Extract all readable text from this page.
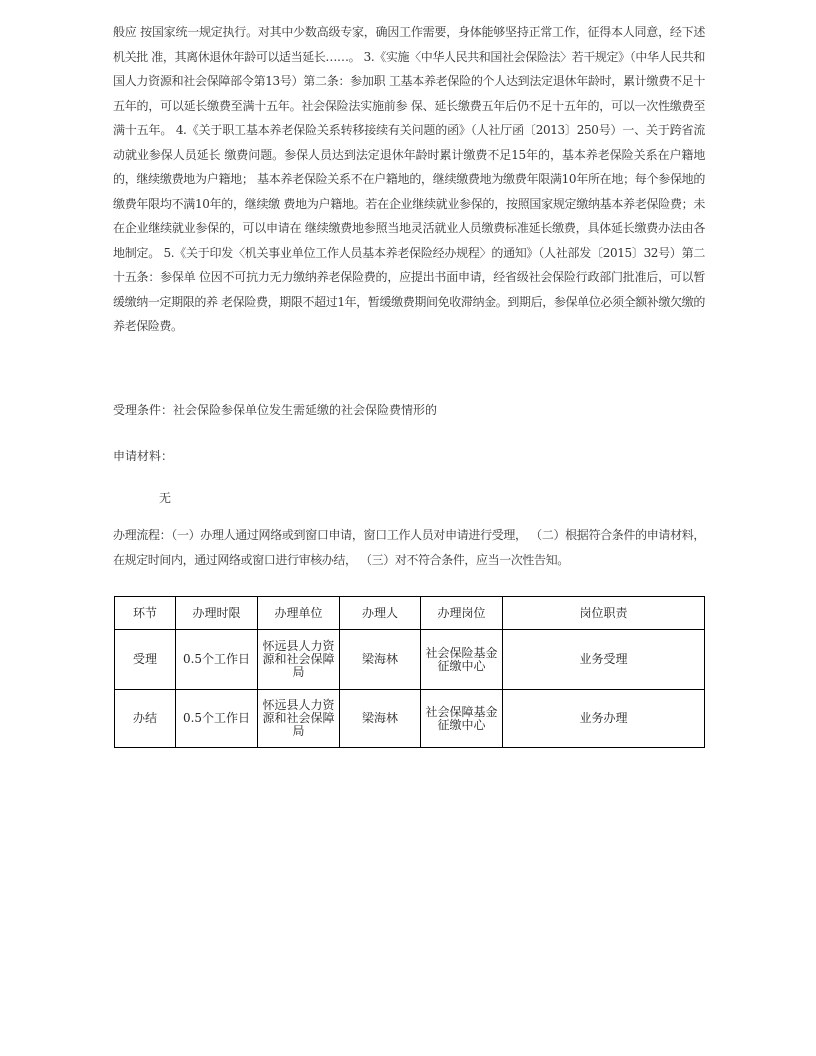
般应 按国家统一规定执行。对其中少数高级专家，确因工作需要，身体能够坚持正常工作，征得本人同意，经下述机关批 准，其离休退休年龄可以适当延长……。 3.《实施〈中华人民共和国社会保险法〉若干规定》（中华人民共和国人力资源和社会保障部令第13号）第二条：参加职 工基本养老保险的个人达到法定退休年龄时，累计缴费不足十五年的，可以延长缴费至满十五年。社会保险法实施前参 保、延长缴费五年后仍不足十五年的，可以一次性缴费至满十五年。 4.《关于职工基本养老保险关系转移接续有关问题的函》（人社厅函〔2013〕250号）一、关于跨省流动就业参保人员延长 缴费问题。参保人员达到法定退休年龄时累计缴费不足15年的，基本养老保险关系在户籍地的，继续缴费地为户籍地； 基本养老保险关系不在户籍地的，继续缴费地为缴费年限满10年所在地；每个参保地的缴费年限均不满10年的，继续缴 费地为户籍地。若在企业继续就业参保的，按照国家规定缴纳基本养老保险费；未在企业继续就业参保的，可以申请在 继续缴费地参照当地灵活就业人员缴费标准延长缴费，具体延长缴费办法由各地制定。 5.《关于印发〈机关事业单位工作人员基本养老保险经办规程〉的通知》（人社部发〔2015〕32号）第二十五条：参保单 位因不可抗力无力缴纳养老保险费的，应提出书面申请，经省级社会保险行政部门批准后，可以暂缓缴纳一定期限的养 老保险费，期限不超过1年，暂缓缴费期间免收滞纳金。到期后，参保单位必须全额补缴欠缴的养老保险费。
受理条件：社会保险参保单位发生需延缴的社会保险费情形的
申请材料：
无
办理流程：（一）办理人通过网络或到窗口申请，窗口工作人员对申请进行受理， （二）根据符合条件的申请材料，在规定时间内，通过网络或窗口进行审核办结， （三）对不符合条件，应当一次性告知。
环节	办理时限	办理单位	办理人	办理岗位	岗位职责
受理	0.5个工作日	怀远县人力资源和社会保障局	梁海林	社会保险基金征缴中心	业务受理
办结	0.5个工作日	怀远县人力资源和社会保障局	梁海林	社会保障基金征缴中心	业务办理
